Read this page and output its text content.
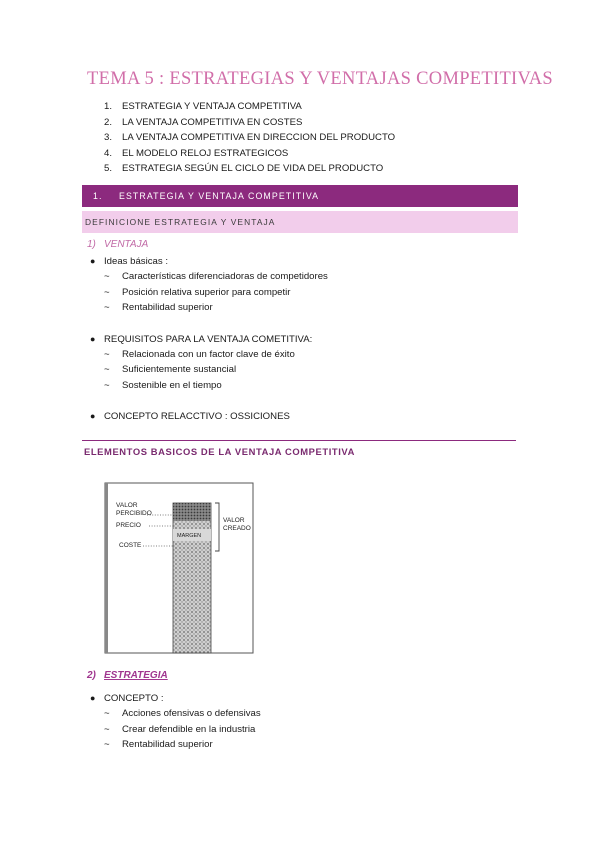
TEMA 5 : ESTRATEGIAS Y VENTAJAS COMPETITIVAS
1. ESTRATEGIA Y VENTAJA COMPETITIVA
2. LA VENTAJA COMPETITIVA EN COSTES
3. LA VENTAJA COMPETITIVA EN DIRECCION DEL PRODUCTO
4. EL MODELO RELOJ ESTRATEGICOS
5. ESTRATEGIA SEGÚN EL CICLO DE VIDA DEL PRODUCTO
1. ESTRATEGIA Y VENTAJA COMPETITIVA
DEFINICIONE ESTRATEGIA Y VENTAJA
1) VENTAJA
● Ideas básicas :
~ Características diferenciadoras de competidores
~ Posición relativa superior para competir
~ Rentabilidad superior
● REQUISITOS PARA LA VENTAJA COMETITIVA:
~ Relacionada con un factor clave de éxito
~ Suficientemente sustancial
~ Sostenible en el tiempo
● CONCEPTO RELACCTIVO : OSSICIONES
ELEMENTOS BASICOS DE LA VENTAJA COMPETITIVA
VALOR
PERCIBIDO
PRECIO
COSTE
MARGEN
VALOR
CREADO
2) ESTRATEGIA
● CONCEPTO :
~ Acciones ofensivas o defensivas
~ Crear defendible en la industria
~ Rentabilidad superior
